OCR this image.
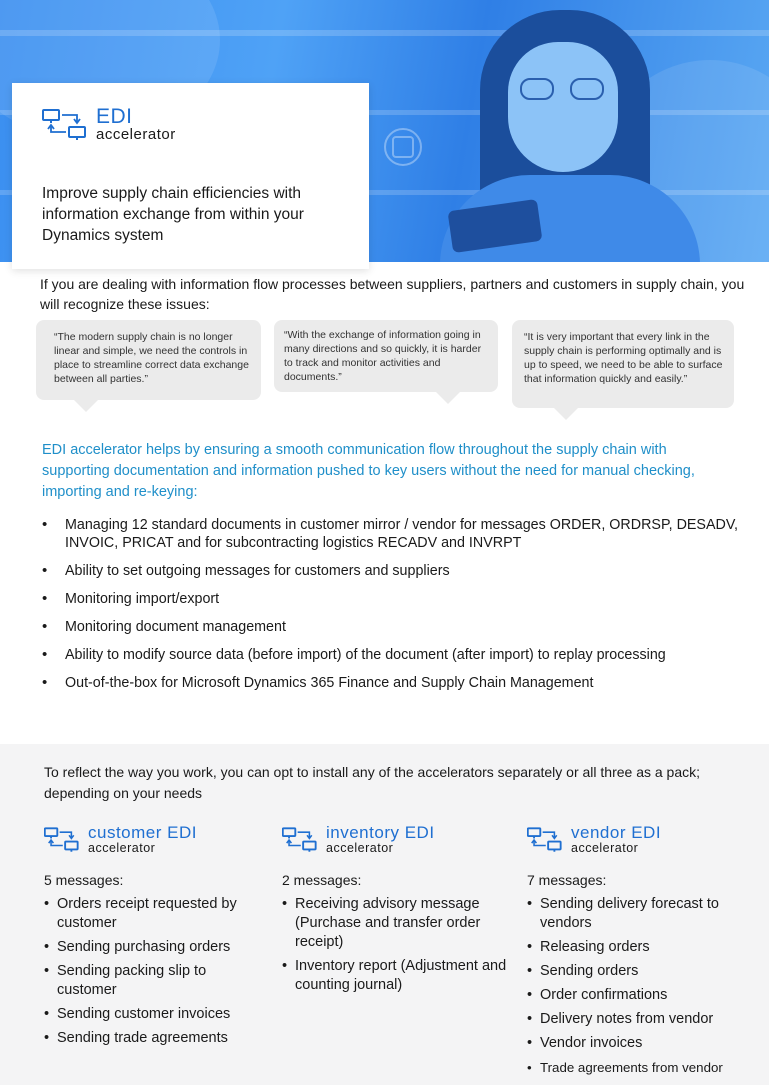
EDI
accelerator
Improve supply chain efficiencies with information exchange from within your Dynamics system
If you are dealing with information flow processes between suppliers, partners and customers in supply chain, you will recognize these issues:
“The modern supply chain is no longer linear and simple, we need the controls in place to streamline correct data exchange between all parties.”
“With the exchange of information going in many directions and so quickly, it is harder to track and monitor activities and documents.”
“It is very important that every link in the supply chain is performing optimally and is up to speed, we need to be able to surface that information quickly and easily.”
EDI accelerator helps by ensuring a smooth communication flow throughout the supply chain with supporting documentation and information pushed to key users without the need for manual checking, importing and re-keying:
• Managing 12 standard documents in customer mirror / vendor for messages ORDER, ORDRSP, DESADV, INVOIC, PRICAT and for subcontracting logistics RECADV and INVRPT
• Ability to set outgoing messages for customers and suppliers
• Monitoring import/export
• Monitoring document management
• Ability to modify source data (before import) of the document (after import) to replay processing
• Out-of-the-box for Microsoft Dynamics 365 Finance and Supply Chain Management
To reflect the way you work, you can opt to install any of the accelerators separately or all three as a pack; depending on your needs
customer EDI
accelerator
5 messages:
• Orders receipt requested by customer
• Sending purchasing orders
• Sending packing slip to customer
• Sending customer invoices
• Sending trade agreements
inventory EDI
accelerator
2 messages:
• Receiving advisory message (Purchase and transfer order receipt)
• Inventory report (Adjustment and counting journal)
vendor EDI
accelerator
7 messages:
• Sending delivery forecast to vendors
• Releasing orders
• Sending orders
• Order confirmations
• Delivery notes from vendor
• Vendor invoices
• Trade agreements from vendor
